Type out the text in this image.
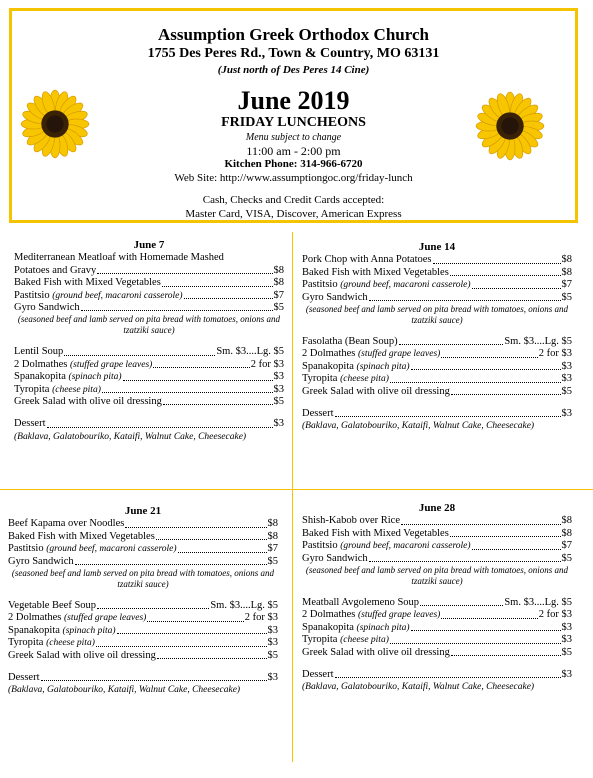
Assumption Greek Orthodox Church
1755 Des Peres Rd., Town & Country, MO 63131
(Just north of Des Peres 14 Cine)
June 2019
FRIDAY LUNCHEONS
Menu subject to change
11:00 am - 2:00 pm
Kitchen Phone: 314-966-6720
Web Site: http://www.assumptiongoc.org/friday-lunch
Cash, Checks and Credit Cards accepted:
Master Card, VISA, Discover, American Express
June 7
Mediterranean Meatloaf with Homemade Mashed
Potatoes and Gravy	$8
Baked Fish with Mixed Vegetables	$8
Pastitsio (ground beef, macaroni casserole)	$7
Gyro Sandwich	$5
(seasoned beef and lamb served on pita bread with tomatoes, onions and tzatziki sauce)
Lentil Soup	Sm. $3....Lg. $5
2 Dolmathes (stuffed grape leaves)	2 for $3
Spanakopita (spinach pita)	$3
Tyropita (cheese pita)	$3
Greek Salad with olive oil dressing	$5
Dessert	$3
(Baklava, Galatobouriko, Kataifi, Walnut Cake, Cheesecake)
June 14
Pork Chop with Anna Potatoes	$8
Baked Fish with Mixed Vegetables	$8
Pastitsio (ground beef, macaroni casserole)	$7
Gyro Sandwich	$5
(seasoned beef and lamb served on pita bread with tomatoes, onions and tzatziki sauce)
Fasolatha (Bean Soup)	Sm. $3....Lg. $5
2 Dolmathes (stuffed grape leaves)	2 for $3
Spanakopita (spinach pita)	$3
Tyropita (cheese pita)	$3
Greek Salad with olive oil dressing	$5
Dessert	$3
(Baklava, Galatobouriko, Kataifi, Walnut Cake, Cheesecake)
June 21
Beef Kapama over Noodles	$8
Baked Fish with Mixed Vegetables	$8
Pastitsio (ground beef, macaroni casserole)	$7
Gyro Sandwich	$5
(seasoned beef and lamb served on pita bread with tomatoes, onions and tzatziki sauce)
Vegetable Beef Soup	Sm. $3....Lg. $5
2 Dolmathes (stuffed grape leaves)	2 for $3
Spanakopita (spinach pita)	$3
Tyropita (cheese pita)	$3
Greek Salad with olive oil dressing	$5
Dessert	$3
(Baklava, Galatobouriko, Kataifi, Walnut Cake, Cheesecake)
June 28
Shish-Kabob over Rice	$8
Baked Fish with Mixed Vegetables	$8
Pastitsio (ground beef, macaroni casserole)	$7
Gyro Sandwich	$5
(seasoned beef and lamb served on pita bread with tomatoes, onions and tzatziki sauce)
Meatball Avgolemeno Soup	Sm. $3....Lg. $5
2 Dolmathes (stuffed grape leaves)	2 for $3
Spanakopita (spinach pita)	$3
Tyropita (cheese pita)	$3
Greek Salad with olive oil dressing	$5
Dessert	$3
(Baklava, Galatobouriko, Kataifi, Walnut Cake, Cheesecake)
